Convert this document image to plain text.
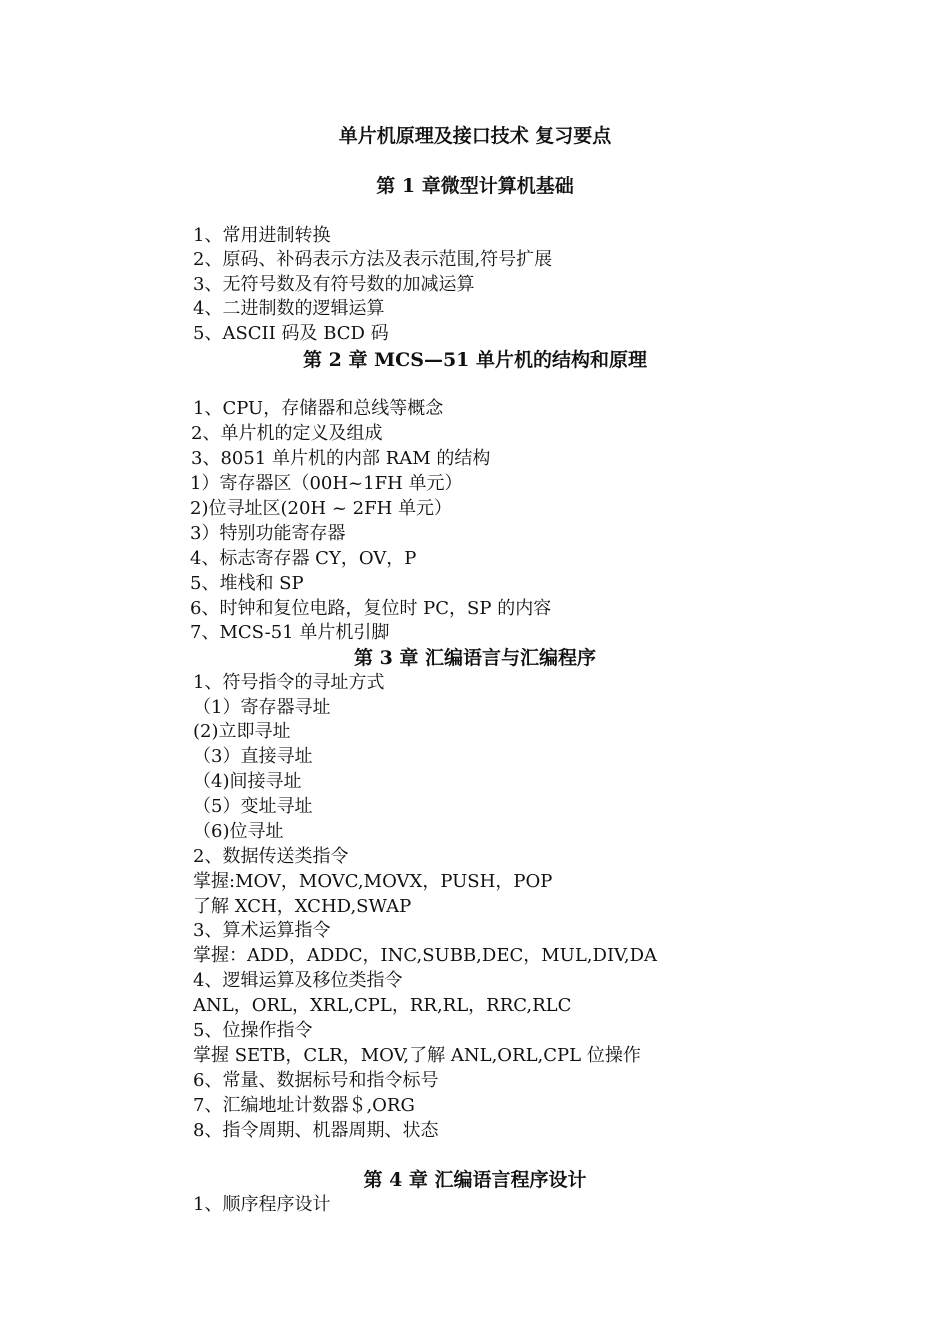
单片机原理及接口技术 复习要点
第 1 章微型计算机基础
1、常用进制转换
2、原码、补码表示方法及表示范围,符号扩展
3、无符号数及有符号数的加减运算
4、二进制数的逻辑运算
5、ASCII 码及 BCD 码
第 2 章 MCS—51 单片机的结构和原理
1、CPU，存储器和总线等概念
2、单片机的定义及组成
3、8051 单片机的内部 RAM 的结构
1）寄存器区（00H~1FH 单元）
2)位寻址区(20H ~ 2FH 单元）
3）特别功能寄存器
4、标志寄存器 CY，OV，P
5、堆栈和 SP
6、时钟和复位电路，复位时 PC，SP 的内容
7、MCS-51 单片机引脚
第 3 章 汇编语言与汇编程序
1、符号指令的寻址方式
（1）寄存器寻址
(2)立即寻址
（3）直接寻址
（4)间接寻址
（5）变址寻址
（6)位寻址
2、数据传送类指令
掌握:MOV，MOVC,MOVX，PUSH，POP
了解 XCH，XCHD,SWAP
3、算术运算指令
掌握：ADD，ADDC，INC,SUBB,DEC，MUL,DIV,DA
4、逻辑运算及移位类指令
ANL，ORL，XRL,CPL，RR,RL，RRC,RLC
5、位操作指令
掌握 SETB，CLR，MOV,了解 ANL,ORL,CPL 位操作
6、常量、数据标号和指令标号
7、汇编地址计数器＄,ORG
8、指令周期、机器周期、状态
第 4 章 汇编语言程序设计
1、顺序程序设计
